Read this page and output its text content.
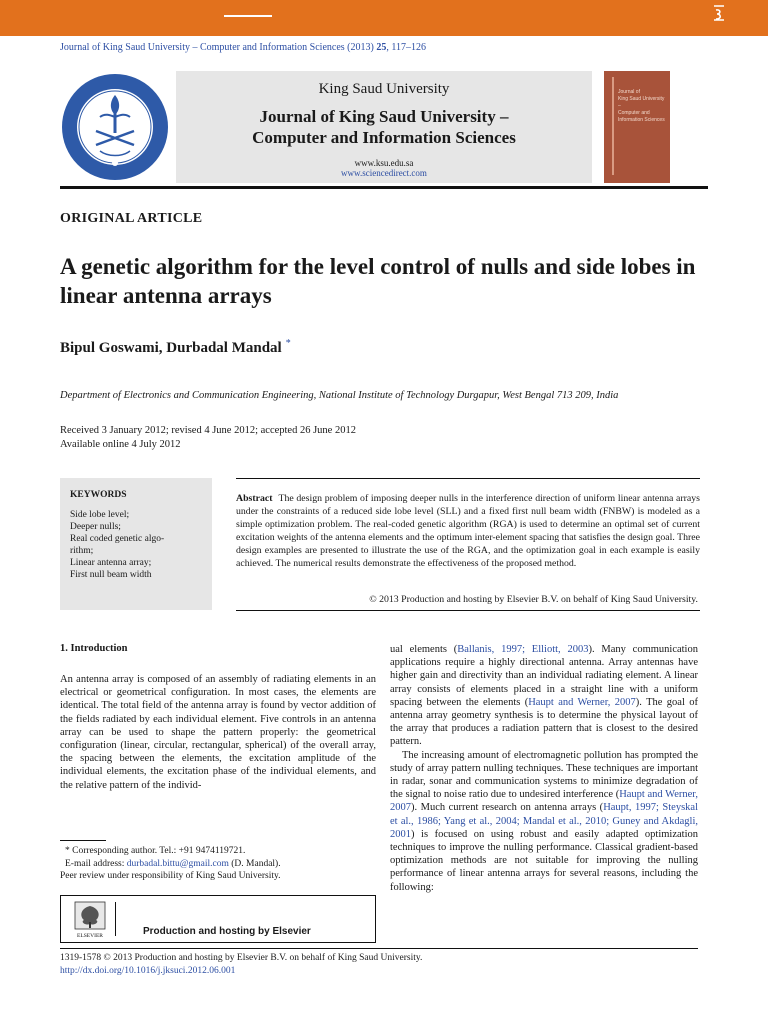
Journal of King Saud University – Computer and Information Sciences (2013) 25, 117–126
King Saud University
Journal of King Saud University –
Computer and Information Sciences
www.ksu.edu.sa
www.sciencedirect.com
Journal of
King Saud University –
Computer and
Information Sciences
ORIGINAL ARTICLE
A genetic algorithm for the level control of nulls and side lobes in linear antenna arrays
Bipul Goswami, Durbadal Mandal *
Department of Electronics and Communication Engineering, National Institute of Technology Durgapur, West Bengal 713 209, India
Received 3 January 2012; revised 4 June 2012; accepted 26 June 2012
Available online 4 July 2012
KEYWORDS
Side lobe level;
Deeper nulls;
Real coded genetic algo-
rithm;
Linear antenna array;
First null beam width
Abstract The design problem of imposing deeper nulls in the interference direction of uniform linear antenna arrays under the constraints of a reduced side lobe level (SLL) and a fixed first null beam width (FNBW) is modeled as a simple optimization problem. The real-coded genetic algorithm (RGA) is used to determine an optimal set of current excitation weights of the antenna elements and the optimum inter-element spacing that satisfies the design goal. Three design examples are presented to illustrate the use of the RGA, and the optimization goal in each example is easily achieved. The numerical results demonstrate the effectiveness of the proposed method.
© 2013 Production and hosting by Elsevier B.V. on behalf of King Saud University.
1. Introduction
An antenna array is composed of an assembly of radiating elements in an electrical or geometrical configuration. In most cases, the elements are identical. The total field of the antenna array is found by vector addition of the fields radiated by each individual element. Five controls in an antenna array can be used to shape the pattern properly: the geometrical configuration (linear, circular, rectangular, spherical) of the overall array, the spacing between the elements, the excitation amplitude of the individual elements, the excitation phase of the individual elements, and the relative pattern of the individ-
ual elements (Ballanis, 1997; Elliott, 2003). Many communication applications require a highly directional antenna. Array antennas have higher gain and directivity than an individual radiating element. A linear array consists of elements placed in a straight line with a uniform spacing between the elements (Haupt and Werner, 2007). The goal of antenna array geometry synthesis is to determine the physical layout of the array that produces a radiation pattern that is closest to the desired pattern.
The increasing amount of electromagnetic pollution has prompted the study of array pattern nulling techniques. These techniques are important in radar, sonar and communication systems to minimize degradation of the signal to noise ratio due to undesired interference (Haupt and Werner, 2007). Much current research on antenna arrays (Haupt, 1997; Steyskal et al., 1986; Yang et al., 2004; Mandal et al., 2010; Guney and Akdagli, 2001) is focused on using robust and easily adapted optimization techniques to improve the nulling performance. Classical gradient-based optimization methods are not suitable for improving the nulling performance of linear antenna arrays for several reasons, including the following:
* Corresponding author. Tel.: +91 9474119721.
E-mail address: durbadal.bittu@gmail.com (D. Mandal).
Peer review under responsibility of King Saud University.
ELSEVIER	Production and hosting by Elsevier
1319-1578 © 2013 Production and hosting by Elsevier B.V. on behalf of King Saud University.
http://dx.doi.org/10.1016/j.jksuci.2012.06.001
